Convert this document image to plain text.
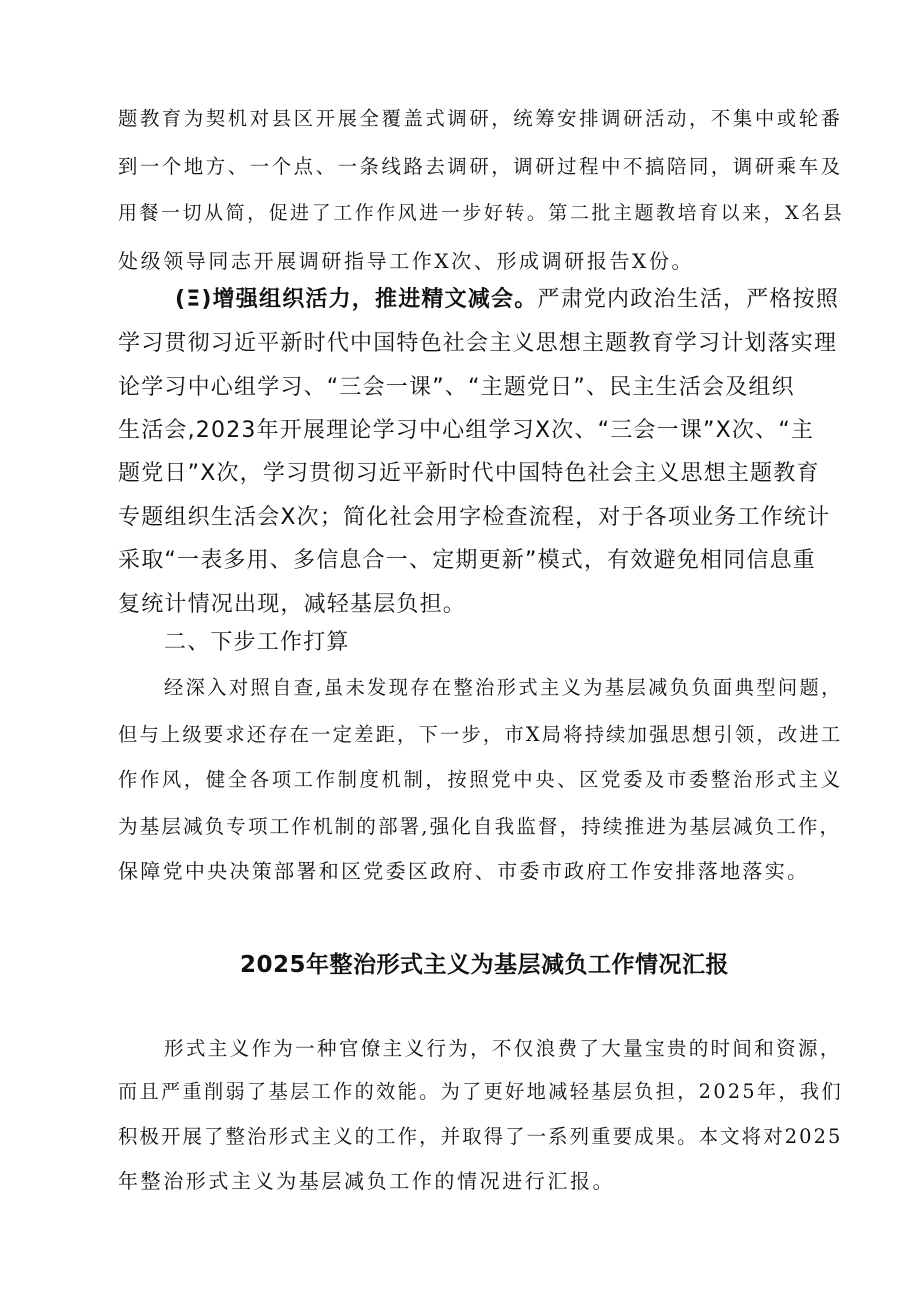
题教育为契机对县区开展全覆盖式调研，统筹安排调研活动，不集中或轮番

到一个地方、一个点、一条线路去调研，调研过程中不搞陪同，调研乘车及

用餐一切从简，促进了工作作风进一步好转。第二批主题教培育以来，X名县

处级领导同志开展调研指导工作X次、形成调研报告X份。

(Ξ)增强组织活力，推进精文减会。严肃党内政治生活，严格按照

学习贯彻习近平新时代中国特色社会主义思想主题教育学习计划落实理

论学习中心组学习、“三会一课”、“主题党日”、民主生活会及组织

生活会,2023年开展理论学习中心组学习X次、“三会一课”X次、“主

题党日”X次，学习贯彻习近平新时代中国特色社会主义思想主题教育

专题组织生活会X次；简化社会用字检查流程，对于各项业务工作统计

采取“一表多用、多信息合一、定期更新”模式，有效避免相同信息重

复统计情况出现，减轻基层负担。

二、下步工作打算

经深入对照自查,虽未发现存在整治形式主义为基层减负负面典型问题，

但与上级要求还存在一定差距，下一步，市X局将持续加强思想引领，改进工

作作风，健全各项工作制度机制，按照党中央、区党委及市委整治形式主义

为基层减负专项工作机制的部署,强化自我监督，持续推进为基层减负工作，

保障党中央决策部署和区党委区政府、市委市政府工作安排落地落实。

2025年整治形式主义为基层减负工作情况汇报

形式主义作为一种官僚主义行为，不仅浪费了大量宝贵的时间和资源，

而且严重削弱了基层工作的效能。为了更好地减轻基层负担，2025年，我们

积极开展了整治形式主义的工作，并取得了一系列重要成果。本文将对2025

年整治形式主义为基层减负工作的情况进行汇报。
